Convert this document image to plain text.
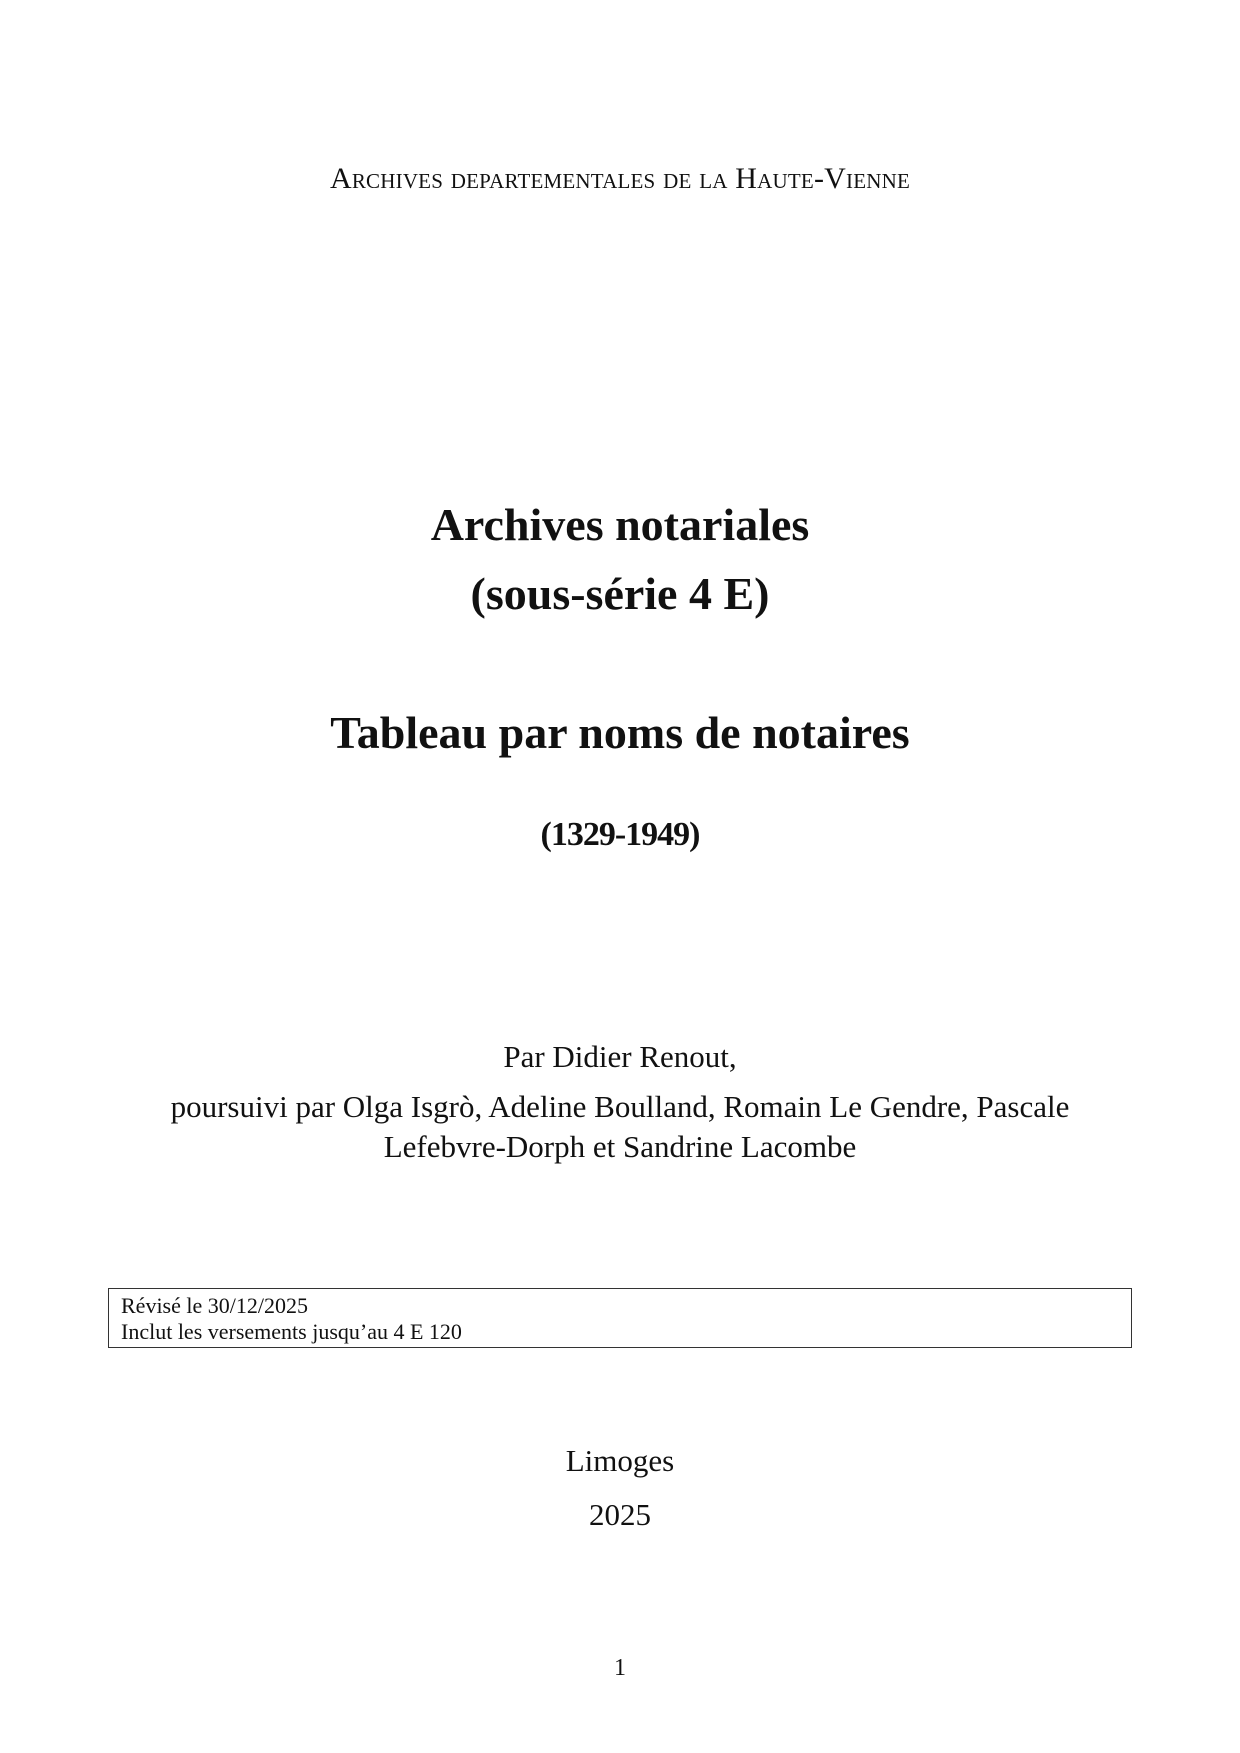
Archives departementales de la Haute-Vienne
Archives notariales
(sous-série 4 E)
Tableau par noms de notaires
(1329-1949)
Par Didier Renout,
poursuivi par Olga Isgrò, Adeline Boulland, Romain Le Gendre, Pascale Lefebvre-Dorph et Sandrine Lacombe
Révisé le 30/12/2025
Inclut les versements jusqu’au 4 E 120
Limoges
2025
1
